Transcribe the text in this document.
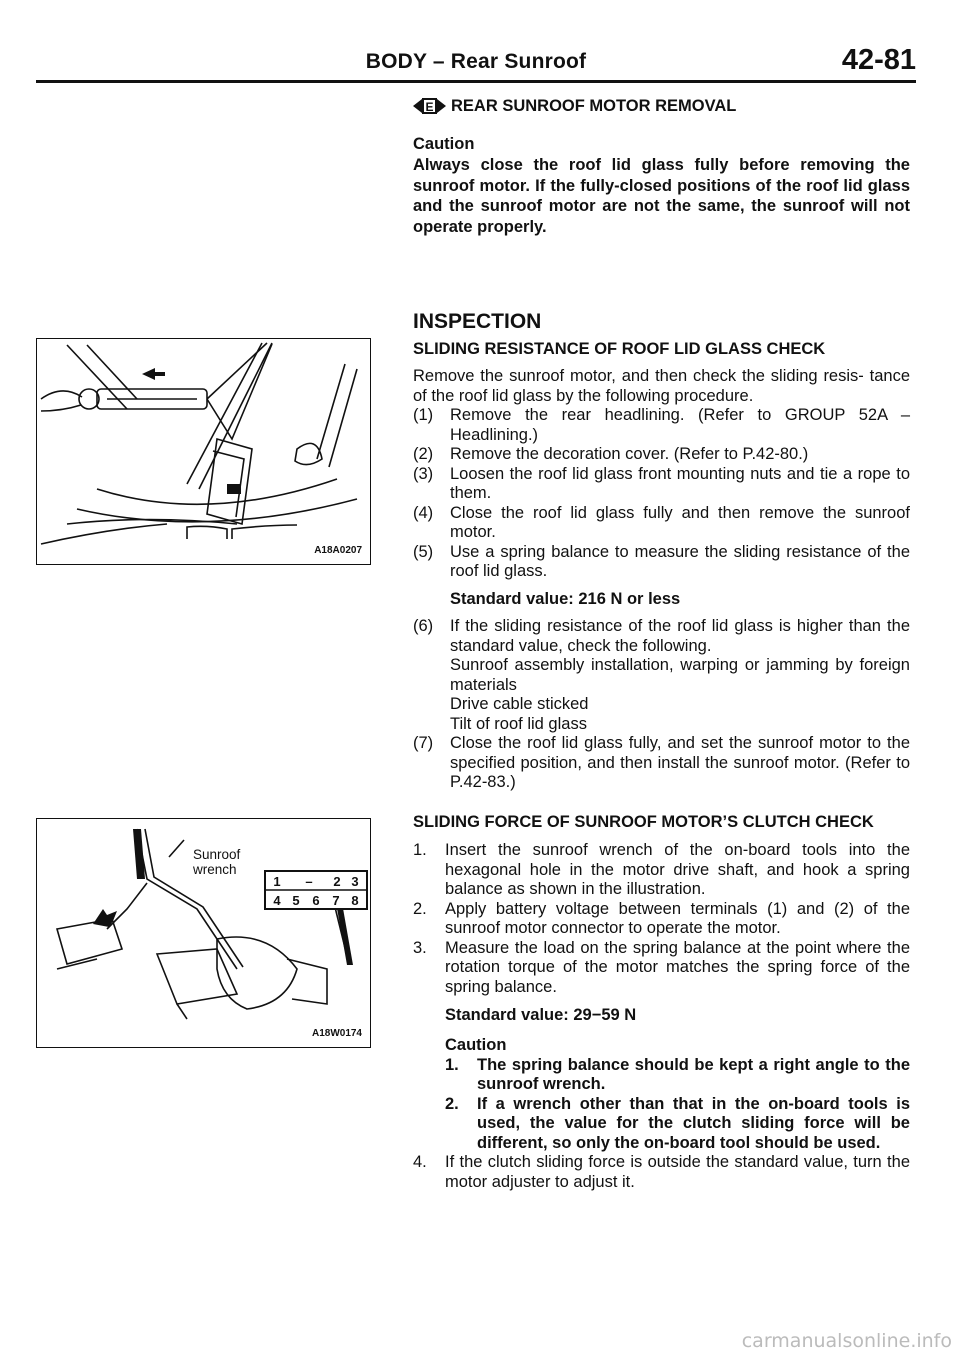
BODY – Rear Sunroof	42-81
E REAR SUNROOF MOTOR REMOVAL
Caution
Always close the roof lid glass fully before removing the sunroof motor. If the fully-closed positions of the roof lid glass and the sunroof motor are not the same, the sunroof will not operate properly.
INSPECTION
SLIDING RESISTANCE OF ROOF LID GLASS CHECK
Remove the sunroof motor, and then check the sliding resis- tance of the roof lid glass by the following procedure.
(1) Remove the rear headlining. (Refer to GROUP 52A – Headlining.)
(2) Remove the decoration cover. (Refer to P.42-80.)
(3) Loosen the roof lid glass front mounting nuts and tie a rope to them.
(4) Close the roof lid glass fully and then remove the sunroof motor.
(5) Use a spring balance to measure the sliding resistance of the roof lid glass.
Standard value: 216 N or less
(6) If the sliding resistance of the roof lid glass is higher than the standard value, check the following.
Sunroof assembly installation, warping or jamming by foreign materials
Drive cable sticked
Tilt of roof lid glass
(7) Close the roof lid glass fully, and set the sunroof motor to the specified position, and then install the sunroof motor. (Refer to P.42-83.)
SLIDING FORCE OF SUNROOF MOTOR’S CLUTCH CHECK
1. Insert the sunroof wrench of the on-board tools into the hexagonal hole in the motor drive shaft, and hook a spring balance as shown in the illustration.
2. Apply battery voltage between terminals (1) and (2) of the sunroof motor connector to operate the motor.
3. Measure the load on the spring balance at the point where the rotation torque of the motor matches the spring force of the spring balance.
Standard value: 29−59 N
Caution
1. The spring balance should be kept a right angle to the sunroof wrench.
2. If a wrench other than that in the on-board tools is used, the value for the clutch sliding force will be different, so only the on-board tool should be used.
4. If the clutch sliding force is outside the standard value, turn the motor adjuster to adjust it.
A18A0207
1 – 2 3
4 5 6 7 8
Sunroof
wrench
A18W0174
carmanualsonline.info
